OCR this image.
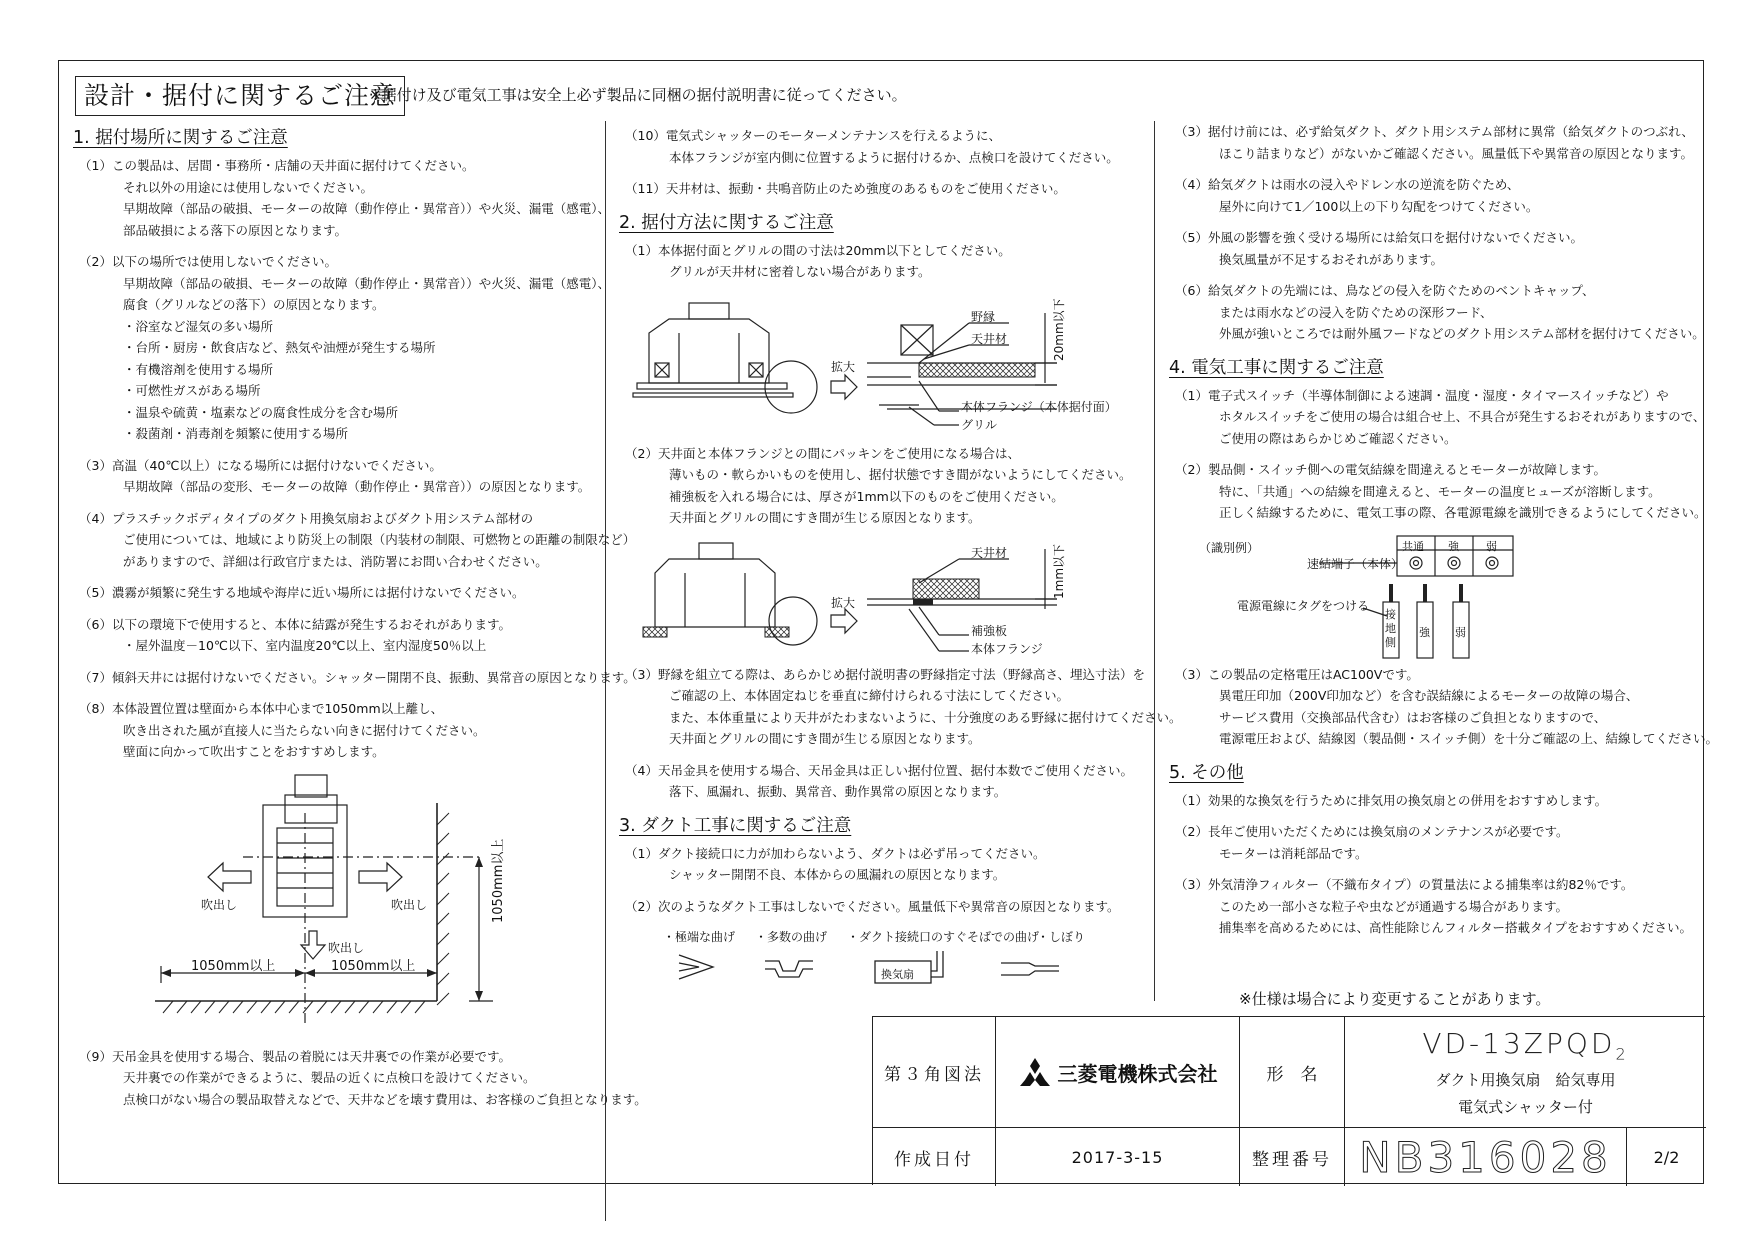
設計・据付に関するご注意
※据付け及び電気工事は安全上必ず製品に同梱の据付説明書に従ってください。
1. 据付場所に関するご注意
（1）この製品は、居間・事務所・店舗の天井面に据付けてください。
それ以外の用途には使用しないでください。
早期故障（部品の破損、モーターの故障（動作停止・異常音））や火災、漏電（感電）、
部品破損による落下の原因となります。
（2）以下の場所では使用しないでください。
早期故障（部品の破損、モーターの故障（動作停止・異常音））や火災、漏電（感電）、
腐食（グリルなどの落下）の原因となります。
・浴室など湿気の多い場所
・台所・厨房・飲食店など、熱気や油煙が発生する場所
・有機溶剤を使用する場所
・可燃性ガスがある場所
・温泉や硫黄・塩素などの腐食性成分を含む場所
・殺菌剤・消毒剤を頻繁に使用する場所
（3）高温（40℃以上）になる場所には据付けないでください。
早期故障（部品の変形、モーターの故障（動作停止・異常音））の原因となります。
（4）プラスチックボディタイプのダクト用換気扇およびダクト用システム部材の
ご使用については、地域により防災上の制限（内装材の制限、可燃物との距離の制限など）
がありますので、詳細は行政官庁または、消防署にお問い合わせください。
（5）濃霧が頻繁に発生する地域や海岸に近い場所には据付けないでください。
（6）以下の環境下で使用すると、本体に結露が発生するおそれがあります。
・屋外温度－10℃以下、室内温度20℃以上、室内湿度50％以上
（7）傾斜天井には据付けないでください。シャッター開閉不良、振動、異常音の原因となります。
（8）本体設置位置は壁面から本体中心まで1050mm以上離し、
吹き出された風が直接人に当たらない向きに据付けてください。
壁面に向かって吹出すことをおすすめします。
吹出し	吹出し
吹出し
1050mm以上	1050mm以上
1050mm以上
（9）天吊金具を使用する場合、製品の着脱には天井裏での作業が必要です。
天井裏での作業ができるように、製品の近くに点検口を設けてください。
点検口がない場合の製品取替えなどで、天井などを壊す費用は、お客様のご負担となります。
（10）電気式シャッターのモーターメンテナンスを行えるように、
本体フランジが室内側に位置するように据付けるか、点検口を設けてください。
（11）天井材は、振動・共鳴音防止のため強度のあるものをご使用ください。
2. 据付方法に関するご注意
（1）本体据付面とグリルの間の寸法は20mm以下としてください。
グリルが天井材に密着しない場合があります。
拡大
野縁
天井材
本体フランジ（本体据付面）
グリル
20mm以下
（2）天井面と本体フランジとの間にパッキンをご使用になる場合は、
薄いもの・軟らかいものを使用し、据付状態ですき間がないようにしてください。
補強板を入れる場合には、厚さが1mm以下のものをご使用ください。
天井面とグリルの間にすき間が生じる原因となります。
拡大
天井材
補強板
本体フランジ
1mm以下
（3）野縁を組立てる際は、あらかじめ据付説明書の野縁指定寸法（野縁高さ、埋込寸法）を
ご確認の上、本体固定ねじを垂直に締付けられる寸法にしてください。
また、本体重量により天井がたわまないように、十分強度のある野縁に据付けてください。
天井面とグリルの間にすき間が生じる原因となります。
（4）天吊金具を使用する場合、天吊金具は正しい据付位置、据付本数でご使用ください。
落下、風漏れ、振動、異常音、動作異常の原因となります。
3. ダクト工事に関するご注意
（1）ダクト接続口に力が加わらないよう、ダクトは必ず吊ってください。
シャッター開閉不良、本体からの風漏れの原因となります。
（2）次のようなダクト工事はしないでください。風量低下や異常音の原因となります。
・極端な曲げ ・多数の曲げ ・ダクト接続口のすぐそばでの曲げ
・しぼり
換気扇
（3）据付け前には、必ず給気ダクト、ダクト用システム部材に異常（給気ダクトのつぶれ、
ほこり詰まりなど）がないかご確認ください。風量低下や異常音の原因となります。
（4）給気ダクトは雨水の浸入やドレン水の逆流を防ぐため、
屋外に向けて1／100以上の下り勾配をつけてください。
（5）外風の影響を強く受ける場所には給気口を据付けないでください。
換気風量が不足するおそれがあります。
（6）給気ダクトの先端には、鳥などの侵入を防ぐためのベントキャップ、
または雨水などの浸入を防ぐための深形フード、
外風が強いところでは耐外風フードなどのダクト用システム部材を据付けてください。
4. 電気工事に関するご注意
（1）電子式スイッチ（半導体制御による速調・温度・湿度・タイマースイッチなど）や
ホタルスイッチをご使用の場合は組合せ上、不具合が発生するおそれがありますので、
ご使用の際はあらかじめご確認ください。
（2）製品側・スイッチ側への電気結線を間違えるとモーターが故障します。
特に、「共通」への結線を間違えると、モーターの温度ヒューズが溶断します。
正しく結線するために、電気工事の際、各電源電線を識別できるようにしてください。
（識別例）
速結端子（本体）
電源電線にタグをつける
共通 強 弱
接地側
強 弱
（3）この製品の定格電圧はAC100Vです。
異電圧印加（200V印加など）を含む誤結線によるモーターの故障の場合、
サービス費用（交換部品代含む）はお客様のご負担となりますので、
電源電圧および、結線図（製品側・スイッチ側）を十分ご確認の上、結線してください。
5. その他
（1）効果的な換気を行うために排気用の換気扇との併用をおすすめします。
（2）長年ご使用いただくためには換気扇のメンテナンスが必要です。
モーターは消耗部品です。
（3）外気清浄フィルター（不織布タイプ）の質量法による捕集率は約82％です。
このため一部小さな粒子や虫などが通過する場合があります。
捕集率を高めるためには、高性能除じんフィルター搭載タイプをおすすめください。
※仕様は場合により変更することがあります。
第３角図法	三菱電機株式会社	形　名
$VD-13ZPQD_2$
ダクト用換気扇　給気専用
電気式シャッター付
作成日付	2017-3-15	整理番号 NB316028	2/2
